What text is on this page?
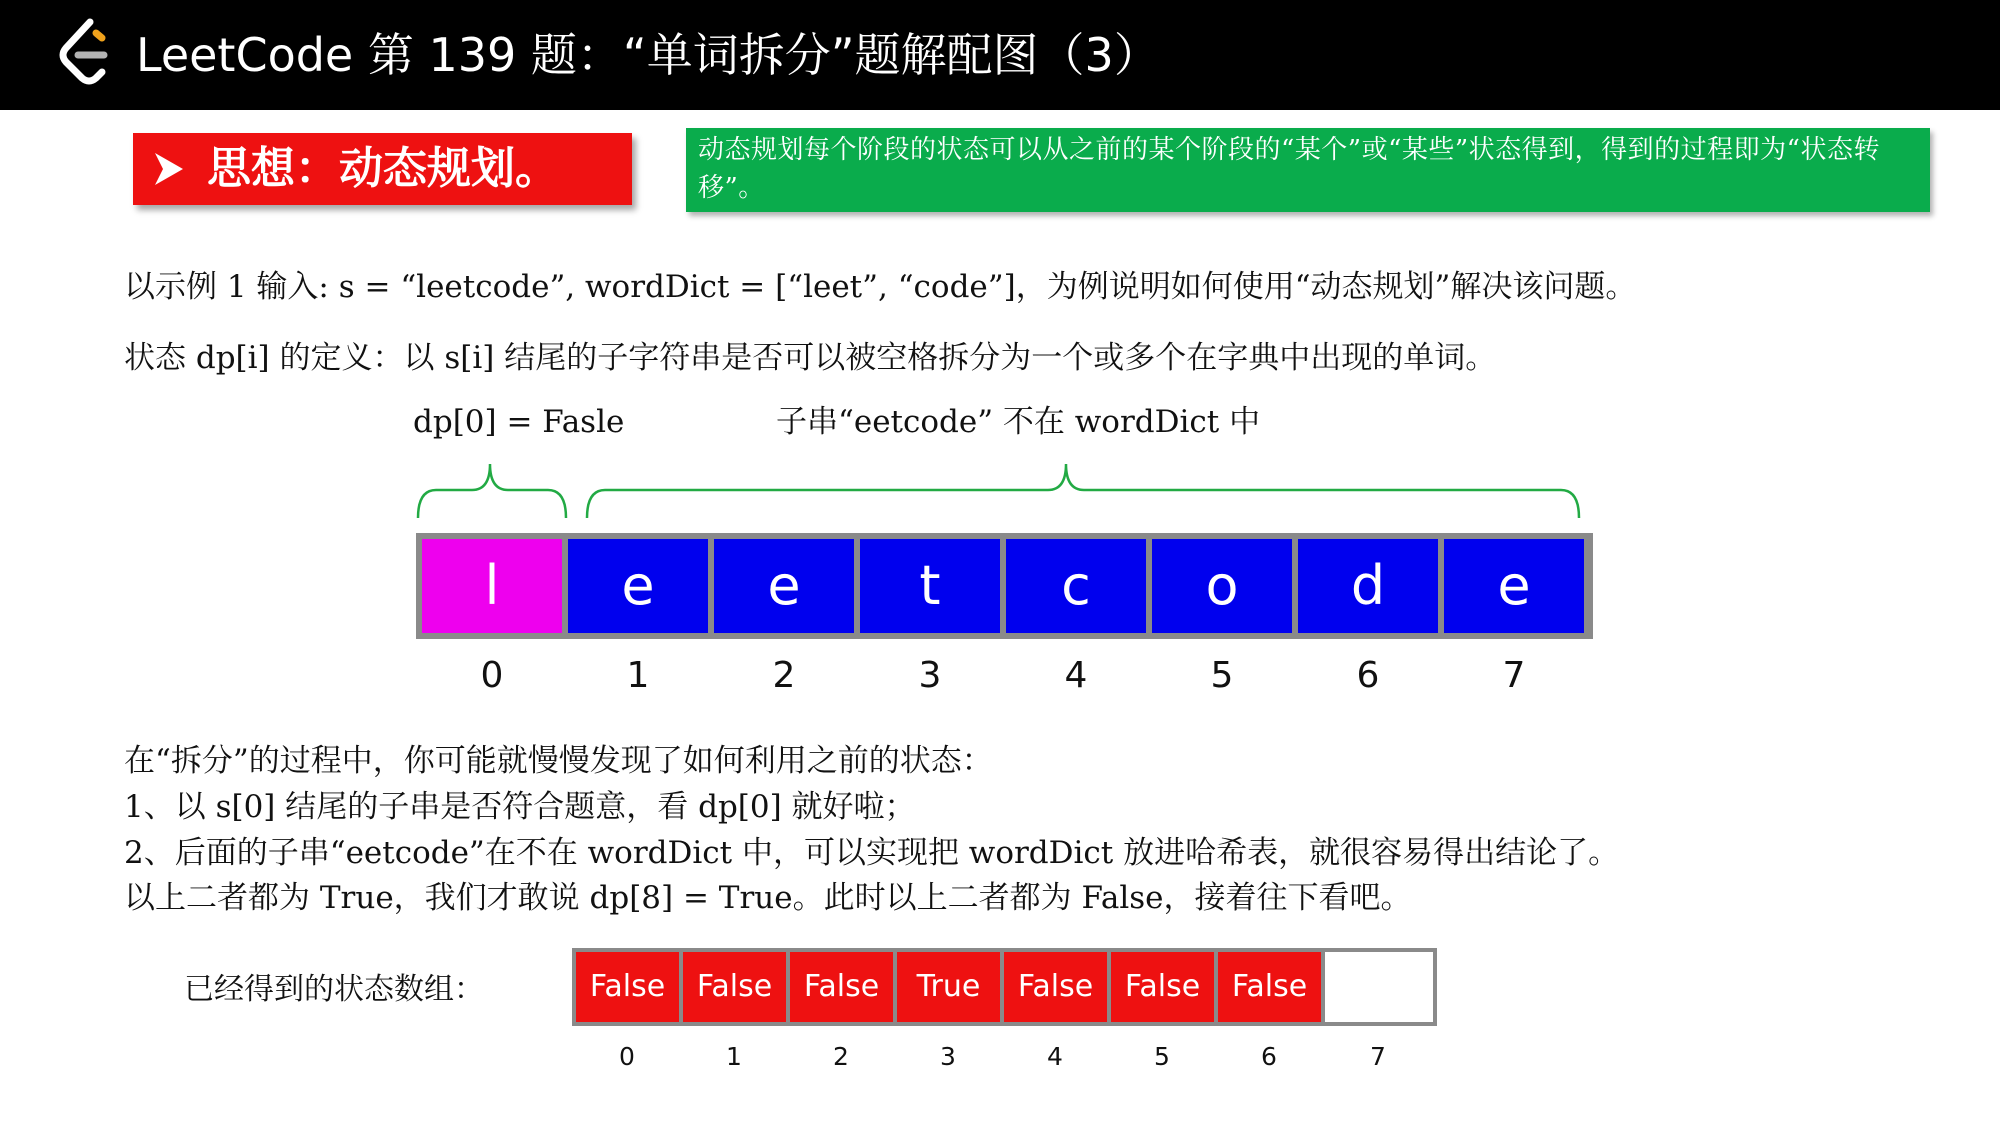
LeetCode 第 139 题：“单词拆分”题解配图（3）
思想：动态规划。	动态规划每个阶段的状态可以从之前的某个阶段的“某个”或“某些”状态得到，得到的过程即为“状态转移”。
以示例 1 输入: s = “leetcode”, wordDict = [“leet”, “code”]，为例说明如何使用“动态规划”解决该问题。
状态 dp[i] 的定义：以 s[i] 结尾的子字符串是否可以被空格拆分为一个或多个在字典中出现的单词。
dp[0] = Fasle	子串“eetcode” 不在 wordDict 中
l	e	e	t	c	o	d	e
0	1	2	3	4	5	6	7
在“拆分”的过程中，你可能就慢慢发现了如何利用之前的状态：
1、以 s[0] 结尾的子串是否符合题意，看 dp[0] 就好啦；
2、后面的子串“eetcode”在不在 wordDict 中，可以实现把 wordDict 放进哈希表，就很容易得出结论了。
以上二者都为 True，我们才敢说 dp[8] = True。此时以上二者都为 False，接着往下看吧。
已经得到的状态数组：	False	False	False	True	False	False	False
0	1	2	3	4	5	6	7
